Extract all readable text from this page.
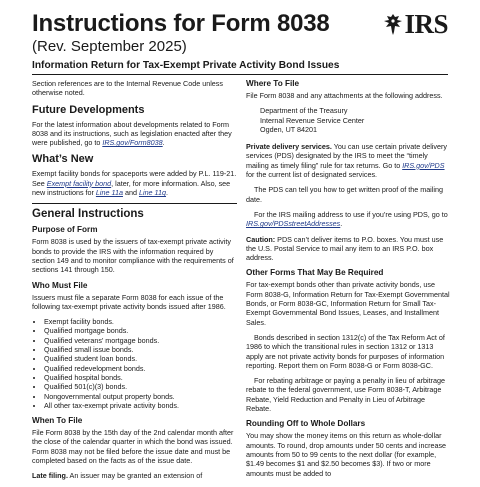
Instructions for Form 8038
(Rev. September 2025)
Information Return for Tax-Exempt Private Activity Bond Issues
IRS

Section references are to the Internal Revenue Code unless otherwise noted.

Future Developments

For the latest information about developments related to Form 8038 and its instructions, such as legislation enacted after they were published, go to IRS.gov/Form8038.

What’s New

Exempt facility bonds for spaceports were added by P.L. 119-21. See Exempt facility bond, later, for more information. Also, see new instructions for Line 11a and Line 11q.

General Instructions
Purpose of Form

Form 8038 is used by the issuers of tax-exempt private activity bonds to provide the IRS with the information required by section 149 and to monitor compliance with the requirements of sections 141 through 150.

Who Must File

Issuers must file a separate Form 8038 for each issue of the following tax-exempt private activity bonds issued after 1986.

• Exempt facility bonds.
• Qualified mortgage bonds.
• Qualified veterans’ mortgage bonds.
• Qualified small issue bonds.
• Qualified student loan bonds.
• Qualified redevelopment bonds.
• Qualified hospital bonds.
• Qualified 501(c)(3) bonds.
• Nongovernmental output property bonds.
• All other tax-exempt private activity bonds.
When To File

File Form 8038 by the 15th day of the 2nd calendar month after the close of the calendar quarter in which the bond was issued. Form 8038 may not be filed before the issue date and must be completed based on the facts as of the issue date.

Late filing. An issuer may be granted an extension of

Where To File

File Form 8038 and any attachments at the following address.

Department of the Treasury
Internal Revenue Service Center
Ogden, UT 84201

Private delivery services. You can use certain private delivery services (PDS) designated by the IRS to meet the “timely mailing as timely filing” rule for tax returns. Go to IRS.gov/PDS for the current list of designated services.

The PDS can tell you how to get written proof of the mailing date.

For the IRS mailing address to use if you’re using PDS, go to IRS.gov/PDSstreetAddresses.

Caution: PDS can’t deliver items to P.O. boxes. You must use the U.S. Postal Service to mail any item to an IRS P.O. box address.

Other Forms That May Be Required

For tax-exempt bonds other than private activity bonds, use Form 8038-G, Information Return for Tax-Exempt Governmental Bonds, or Form 8038-GC, Information Return for Small Tax-Exempt Governmental Bond Issues, Leases, and Installment Sales.

Bonds described in section 1312(c) of the Tax Reform Act of 1986 to which the transitional rules in section 1312 or 1313 apply are not private activity bonds for purposes of information reporting. Report them on Form 8038-G or Form 8038-GC.

For rebating arbitrage or paying a penalty in lieu of arbitrage rebate to the federal government, use Form 8038-T, Arbitrage Rebate, Yield Reduction and Penalty in Lieu of Arbitrage Rebate.

Rounding Off to Whole Dollars

You may show the money items on this return as whole-dollar amounts. To round, drop amounts under 50 cents and increase amounts from 50 to 99 cents to the next dollar (for example, $1.49 becomes $1 and $2.50 becomes $3). If two or more amounts must be added to
